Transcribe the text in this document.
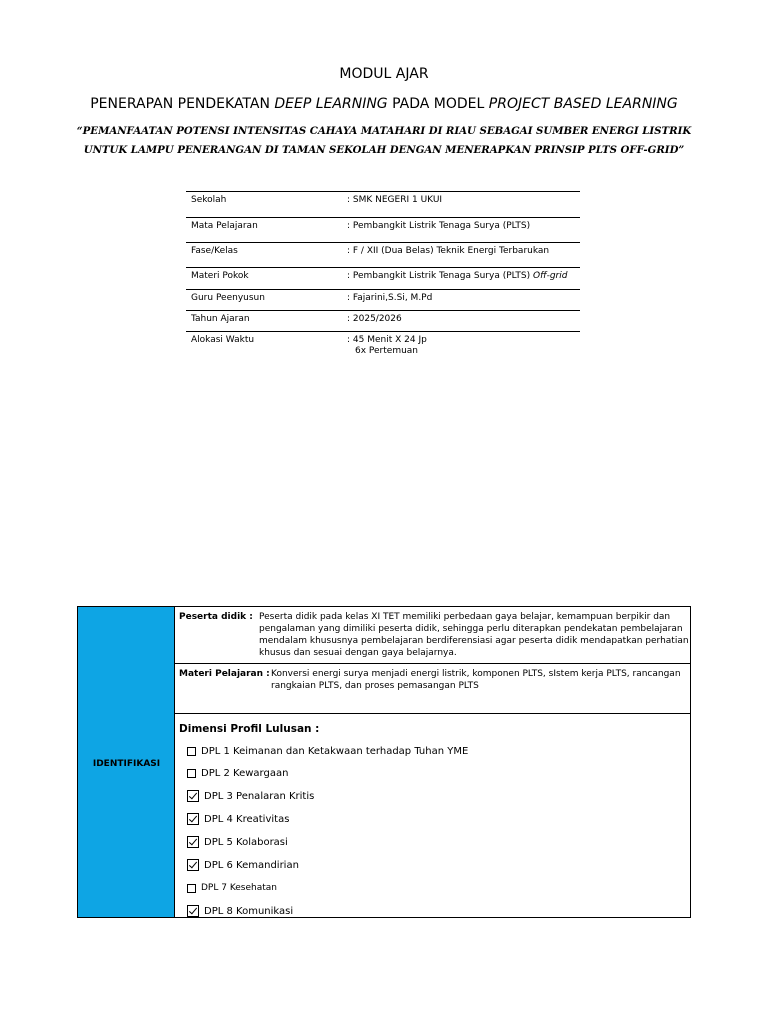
MODUL AJAR
PENERAPAN PENDEKATAN DEEP LEARNING PADA MODEL PROJECT BASED LEARNING
“PEMANFAATAN POTENSI INTENSITAS CAHAYA MATAHARI DI RIAU SEBAGAI SUMBER ENERGI LISTRIK
UNTUK LAMPU PENERANGAN DI TAMAN SEKOLAH DENGAN MENERAPKAN PRINSIP PLTS OFF-GRID”
Sekolah	: SMK NEGERI 1 UKUI
Mata Pelajaran	: Pembangkit Listrik Tenaga Surya (PLTS)
Fase/Kelas	: F / XII (Dua Belas) Teknik Energi Terbarukan
Materi Pokok	: Pembangkit Listrik Tenaga Surya (PLTS) Off-grid
Guru Peenyusun	: Fajarini,S.Si, M.Pd
Tahun Ajaran	: 2025/2026
Alokasi Waktu	: 45 Menit X 24 Jp
6x Pertemuan
IDENTIFIKASI
Peserta didik : Peserta didik pada kelas XI TET memiliki perbedaan gaya belajar, kemampuan berpikir dan pengalaman yang dimiliki peserta didik, sehingga perlu diterapkan pendekatan pembelajaran mendalam khususnya pembelajaran berdiferensiasi agar peserta didik mendapatkan perhatian khusus dan sesuai dengan gaya belajarnya.
Materi Pelajaran : Konversi energi surya menjadi energi listrik, komponen PLTS, sIstem kerja PLTS, rancangan rangkaian PLTS, dan proses pemasangan PLTS
Dimensi Profil Lulusan :
DPL 1 Keimanan dan Ketakwaan terhadap Tuhan YME
DPL 2 Kewargaan
DPL 3 Penalaran Kritis
DPL 4 Kreativitas
DPL 5 Kolaborasi
DPL 6 Kemandirian
DPL 7 Kesehatan
DPL 8 Komunikasi
